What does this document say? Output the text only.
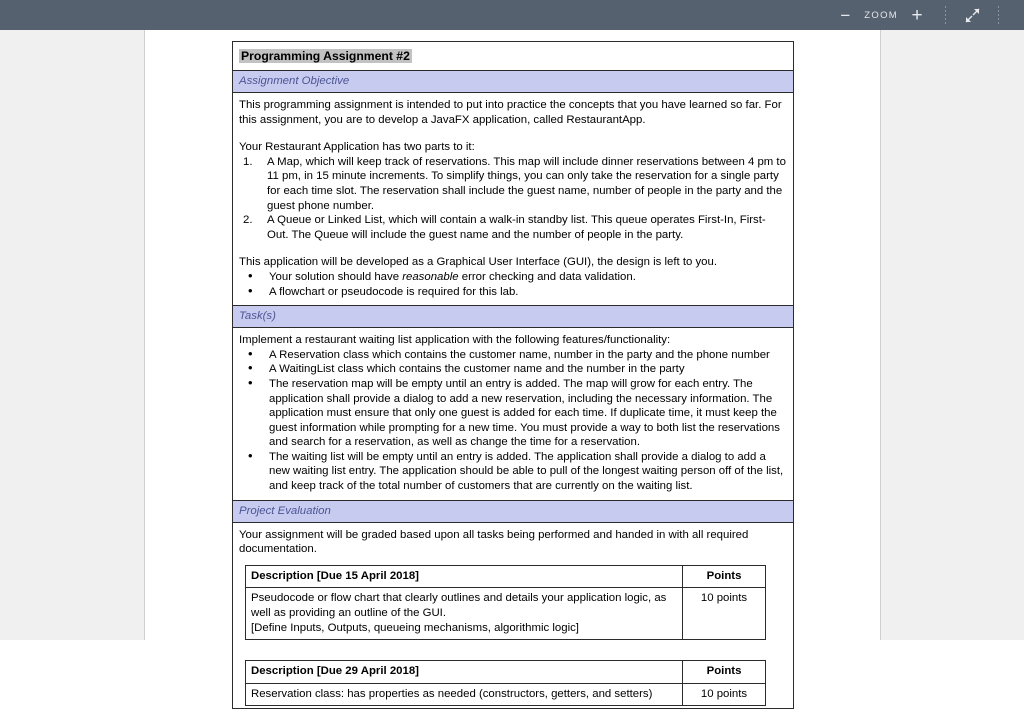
−	ZOOM +
Programming Assignment #2
Assignment Objective

This programming assignment is intended to put into practice the concepts that you have learned so far. For this assignment, you are to develop a JavaFX application, called RestaurantApp.

Your Restaurant Application has two parts to it:

1.	A Map, which will keep track of reservations. This map will include dinner reservations between 4 pm to 11 pm, in 15 minute increments. To simplify things, you can only take the reservation for a single party for each time slot. The reservation shall include the guest name, number of people in the party and the guest phone number.
2.	A Queue or Linked List, which will contain a walk-in standby list. This queue operates First-In, First-Out. The Queue will include the guest name and the number of people in the party.

This application will be developed as a Graphical User Interface (GUI), the design is left to you.

• Your solution should have reasonable error checking and data validation.
• A flowchart or pseudocode is required for this lab.
Task(s)

Implement a restaurant waiting list application with the following features/functionality:

• A Reservation class which contains the customer name, number in the party and the phone number
• A WaitingList class which contains the customer name and the number in the party
• The reservation map will be empty until an entry is added. The map will grow for each entry. The application shall provide a dialog to add a new reservation, including the necessary information. The application must ensure that only one guest is added for each time. If duplicate time, it must keep the guest information while prompting for a new time. You must provide a way to both list the reservations and search for a reservation, as well as change the time for a reservation.
• The waiting list will be empty until an entry is added. The application shall provide a dialog to add a new waiting list entry. The application should be able to pull of the longest waiting person off of the list, and keep track of the total number of customers that are currently on the waiting list.
Project Evaluation

Your assignment will be graded based upon all tasks being performed and handed in with all required documentation.

Description [Due 15 April 2018]	Points

Pseudocode or flow chart that clearly outlines and details your application logic, as well as providing an outline of the GUI.
[Define Inputs, Outputs, queueing mechanisms, algorithmic logic]	10 points
Description [Due 29 April 2018]	Points
Reservation class: has properties as needed (constructors, getters, and setters)	10 points
